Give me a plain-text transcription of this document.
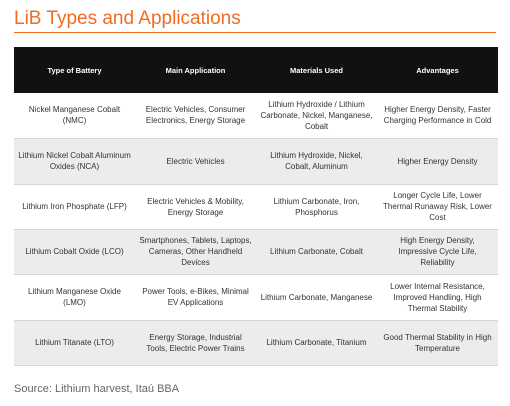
LiB Types and Applications
Type of Battery	Main Application	Materials Used	Advantages
Nickel Manganese Cobalt (NMC)	Electric Vehicles, Consumer Electronics, Energy Storage	Lithium Hydroxide / Lithium Carbonate, Nickel, Manganese, Cobalt	Higher Energy Density, Faster Charging Performance in Cold
Lithium Nickel Cobalt Aluminum Oxides (NCA)	Electric Vehicles	Lithium Hydroxide, Nickel, Cobalt, Aluminum	Higher Energy Density
Lithium Iron Phosphate (LFP)	Electric Vehicles & Mobility, Energy Storage	Lithium Carbonate, Iron, Phosphorus	Longer Cycle Life, Lower Thermal Runaway Risk, Lower Cost
Lithium Cobalt Oxide (LCO)	Smartphones, Tablets, Laptops, Cameras, Other Handheld Devices	Lithium Carbonate, Cobalt	High Energy Density, Impressive Cycle Life, Reliability
Lithium Manganese Oxide (LMO)	Power Tools, e-Bikes, Minimal EV Applications	Lithium Carbonate, Manganese	Lower Internal Resistance, Improved Handling, High Thermal Stability
Lithium Titanate (LTO)	Energy Storage, Industrial Tools, Electric Power Trains	Lithium Carbonate, Titanium	Good Thermal Stability in High Temperature
Source: Lithium harvest, Itaú BBA
